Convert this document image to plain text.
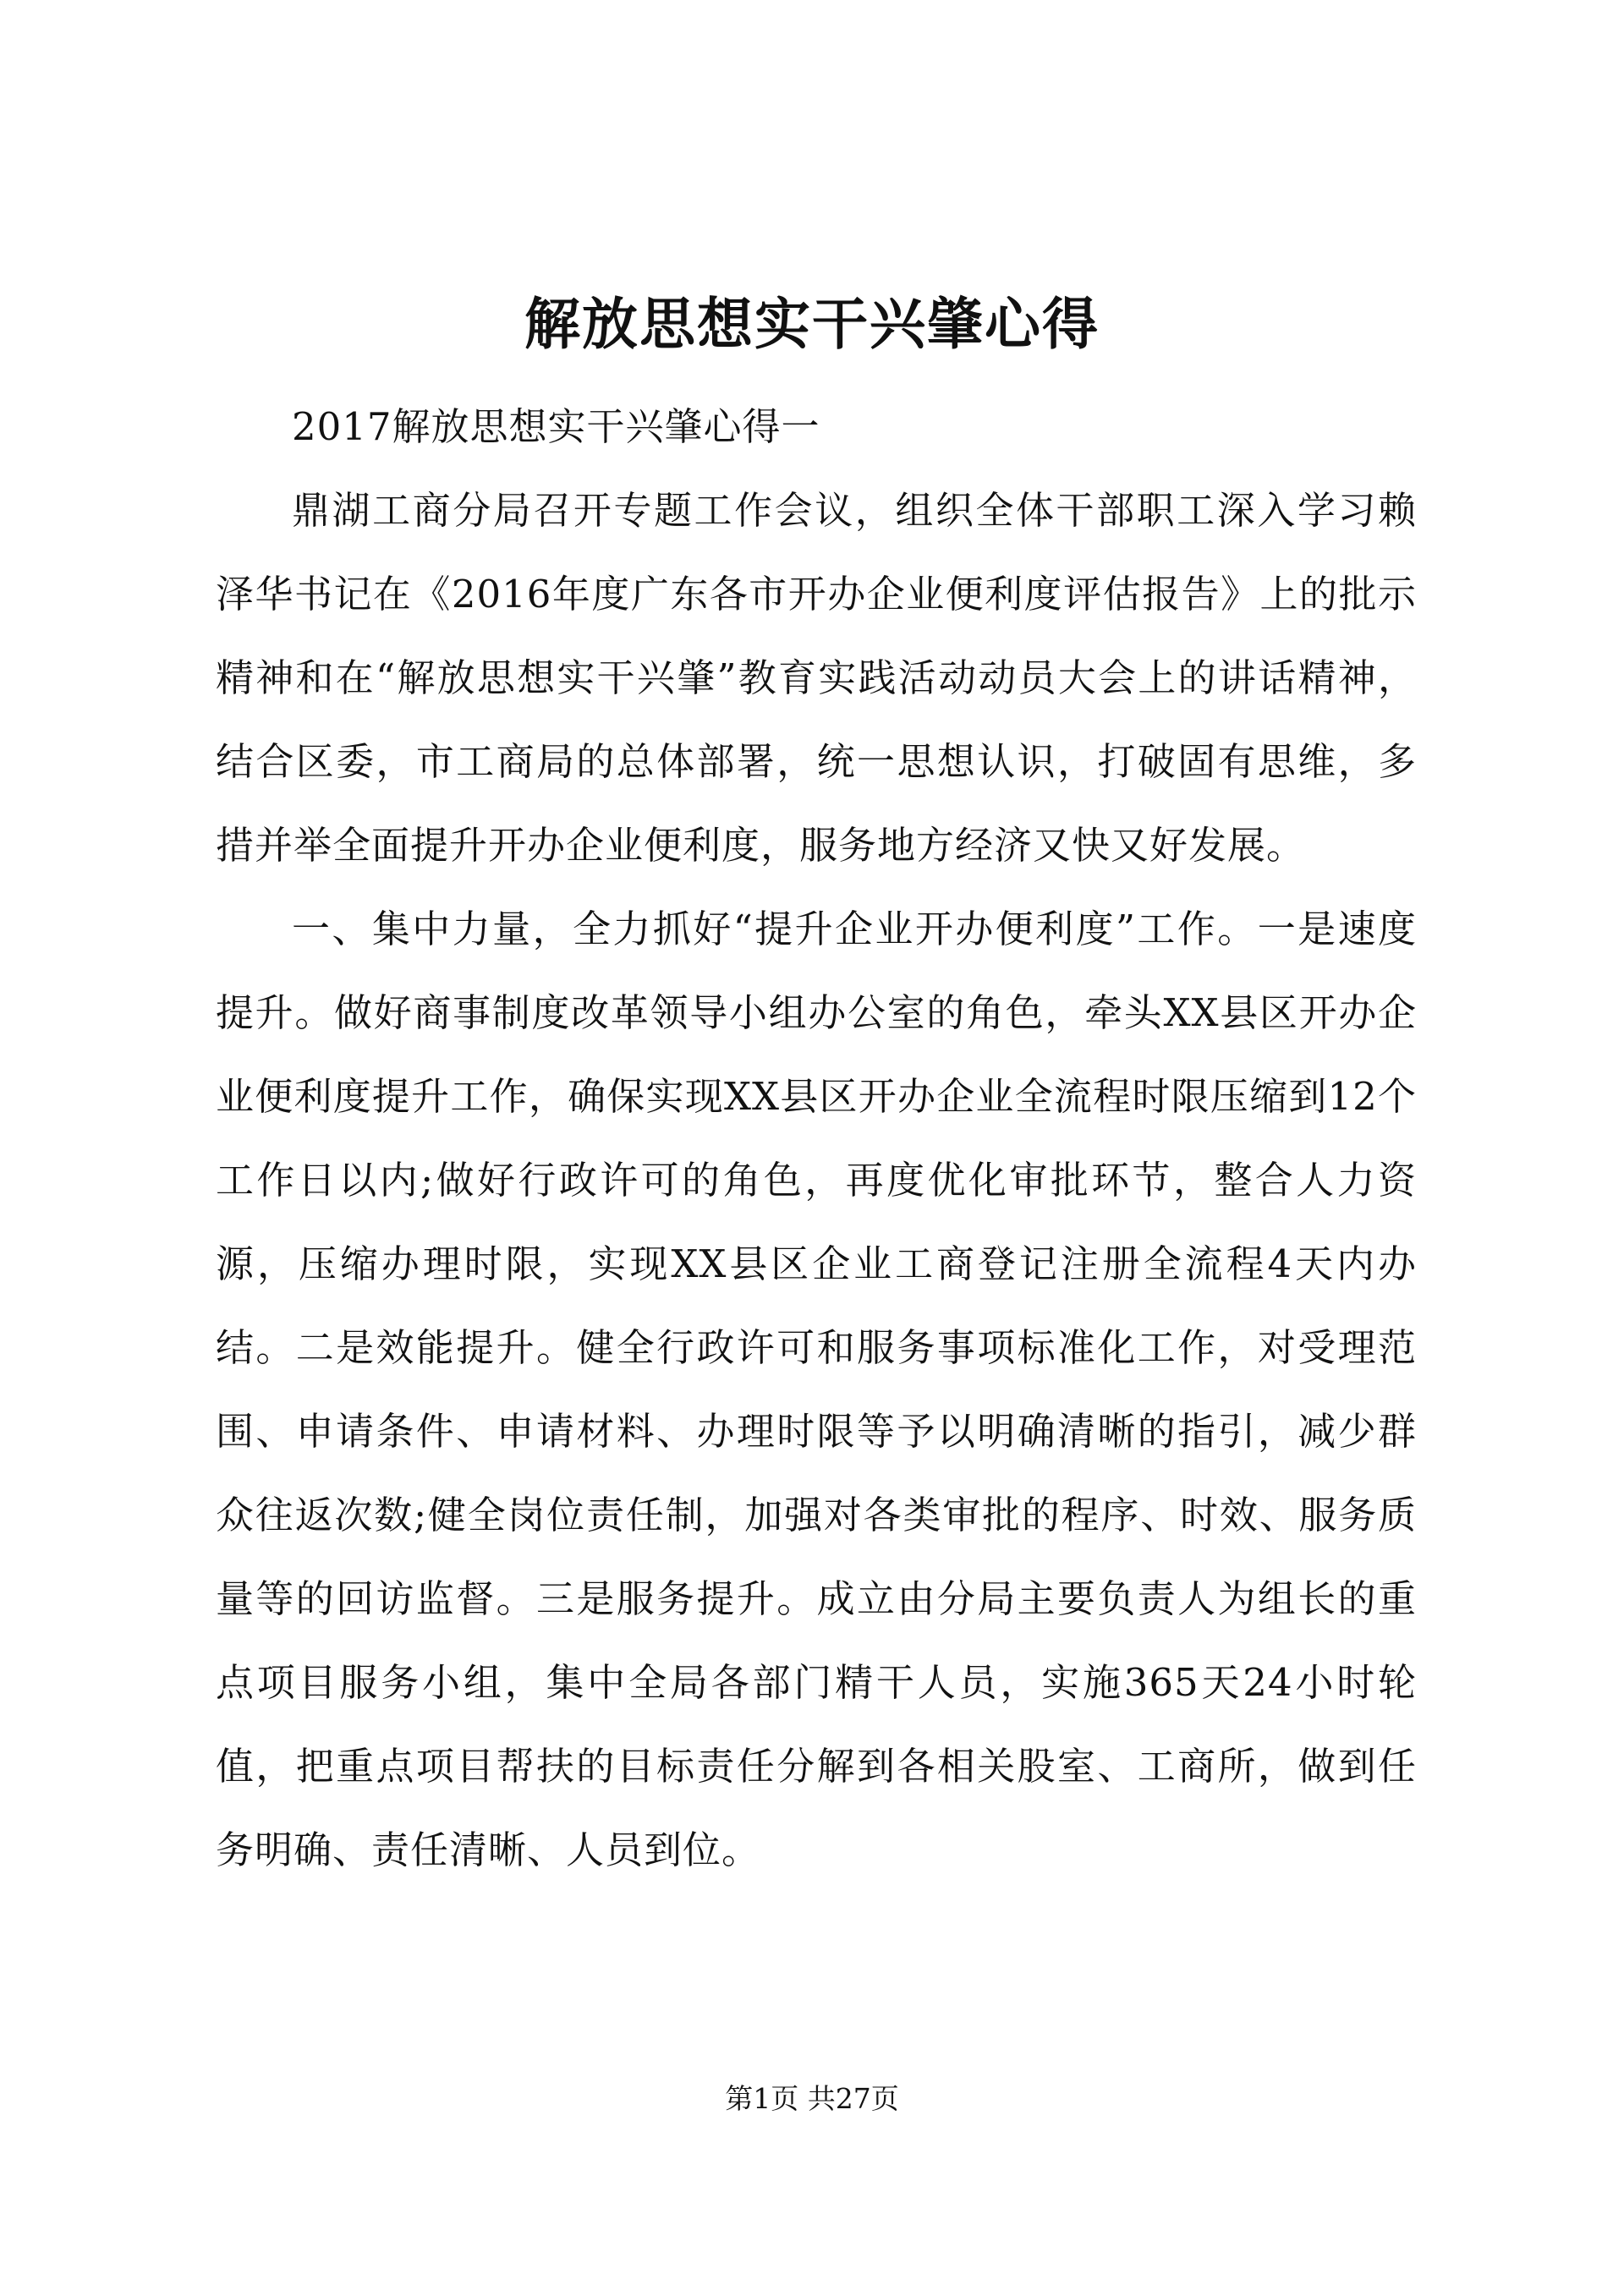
解放思想实干兴肇心得

2017解放思想实干兴肇心得一

鼎湖工商分局召开专题工作会议，组织全体干部职工深入学习赖泽华书记在《2016年度广东各市开办企业便利度评估报告》上的批示精神和在“解放思想实干兴肇”教育实践活动动员大会上的讲话精神，结合区委，市工商局的总体部署，统一思想认识，打破固有思维，多措并举全面提升开办企业便利度，服务地方经济又快又好发展。

一、集中力量，全力抓好“提升企业开办便利度”工作。一是速度提升。做好商事制度改革领导小组办公室的角色，牵头XX县区开办企业便利度提升工作，确保实现XX县区开办企业全流程时限压缩到12个工作日以内;做好行政许可的角色，再度优化审批环节，整合人力资源，压缩办理时限，实现XX县区企业工商登记注册全流程4天内办结。二是效能提升。健全行政许可和服务事项标准化工作，对受理范围、申请条件、申请材料、办理时限等予以明确清晰的指引，减少群众往返次数;健全岗位责任制，加强对各类审批的程序、时效、服务质量等的回访监督。三是服务提升。成立由分局主要负责人为组长的重点项目服务小组，集中全局各部门精干人员，实施365天24小时轮值，把重点项目帮扶的目标责任分解到各相关股室、工商所，做到任务明确、责任清晰、人员到位。

第1页 共27页
